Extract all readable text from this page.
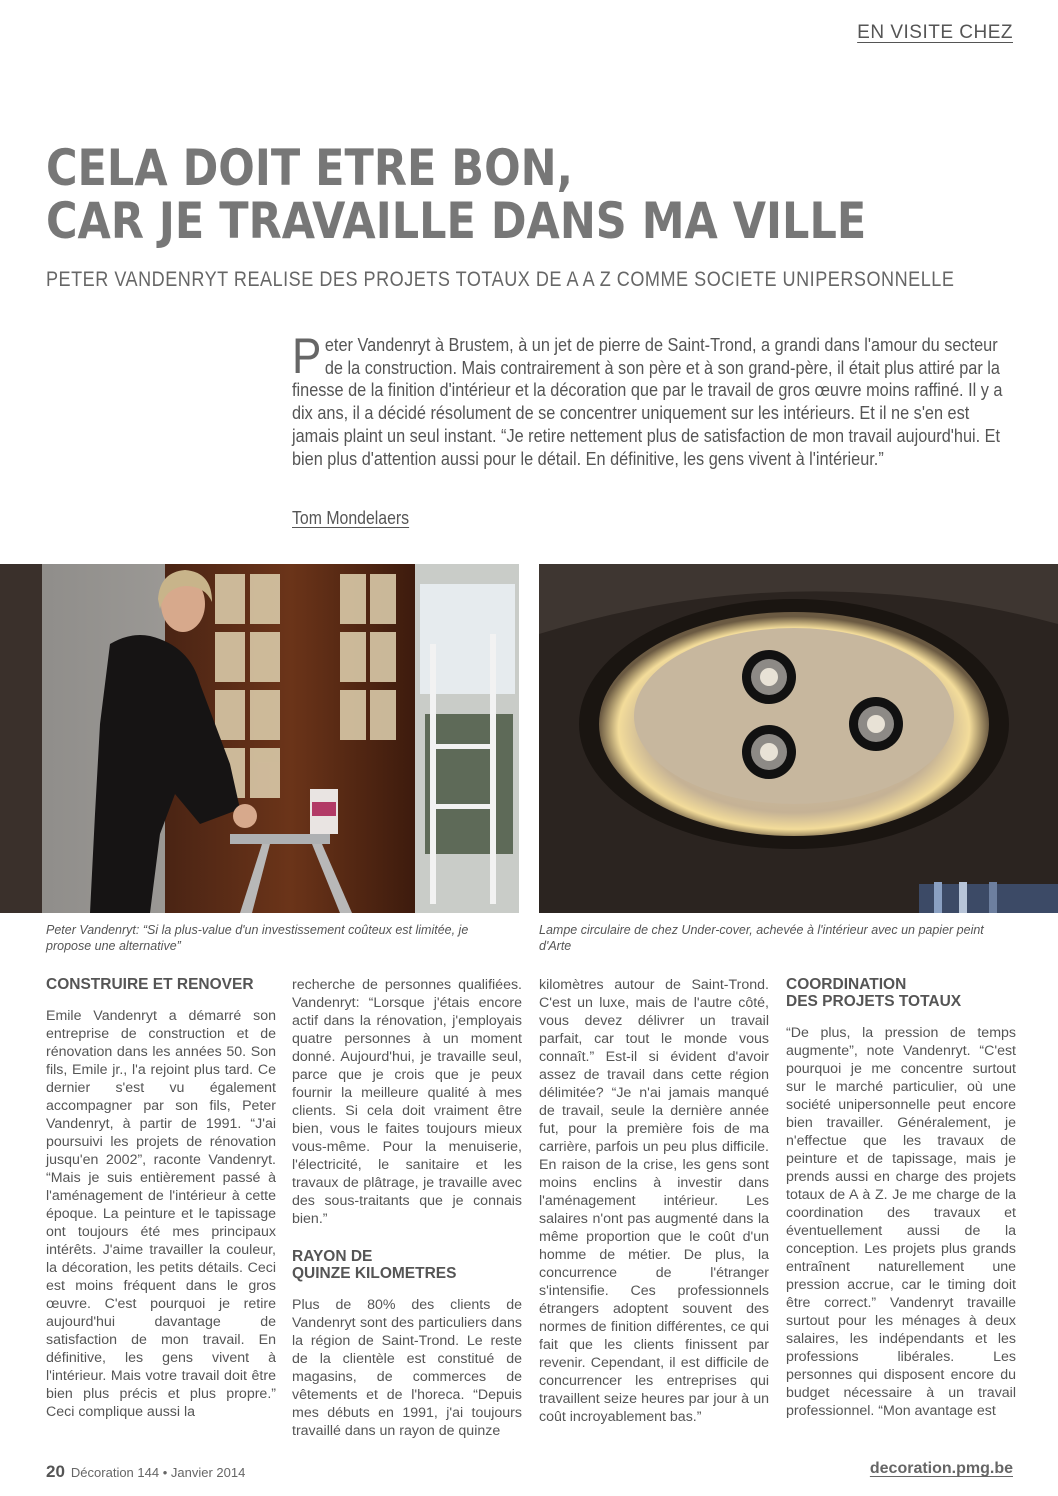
EN VISITE CHEZ
CELA DOIT ETRE BON,
CAR JE TRAVAILLE DANS MA VILLE
PETER VANDENRYT REALISE DES PROJETS TOTAUX DE A A Z COMME SOCIETE UNIPERSONNELLE
Peter Vandenryt à Brustem, à un jet de pierre de Saint-Trond, a grandi dans l'amour du secteur de la construction. Mais contrairement à son père et à son grand-père, il était plus attiré par la finesse de la finition d'intérieur et la décoration que par le travail de gros œuvre moins raffiné. Il y a dix ans, il a décidé résolument de se concentrer uniquement sur les intérieurs. Et il ne s'en est jamais plaint un seul instant. “Je retire nettement plus de satisfaction de mon travail aujourd'hui. Et bien plus d'attention aussi pour le détail. En définitive, les gens vivent à l'intérieur.”
Tom Mondelaers
Peter Vandenryt: “Si la plus-value d'un investissement coûteux est limitée, je propose une alternative”
Lampe circulaire de chez Under-cover, achevée à l'intérieur avec un papier peint d'Arte
CONSTRUIRE ET RENOVER

Emile Vandenryt a démarré son entreprise de construction et de rénovation dans les années 50. Son fils, Emile jr., l'a rejoint plus tard. Ce dernier s'est vu également accompagner par son fils, Peter Vandenryt, à partir de 1991. “J'ai poursuivi les projets de rénovation jusqu'en 2002”, raconte Vandenryt. “Mais je suis entièrement passé à l'aménagement de l'intérieur à cette époque. La peinture et le tapissage ont toujours été mes principaux intérêts. J'aime travailler la couleur, la décoration, les petits détails. Ceci est moins fréquent dans le gros œuvre. C'est pourquoi je retire aujourd'hui davantage de satisfaction de mon travail. En définitive, les gens vivent à l'intérieur. Mais votre travail doit être bien plus précis et plus propre.” Ceci complique aussi la

recherche de personnes qualifiées. Vandenryt: “Lorsque j'étais encore actif dans la rénovation, j'employais quatre personnes à un moment donné. Aujourd'hui, je travaille seul, parce que je crois que je peux fournir la meilleure qualité à mes clients. Si cela doit vraiment être bien, vous le faites toujours mieux vous-même. Pour la menuiserie, l'électricité, le sanitaire et les travaux de plâtrage, je travaille avec des sous-traitants que je connais bien.”

RAYON DE
QUINZE KILOMETRES

Plus de 80% des clients de Vandenryt sont des particuliers dans la région de Saint-Trond. Le reste de la clientèle est constitué de magasins, de commerces de vêtements et de l'horeca. “Depuis mes débuts en 1991, j'ai toujours travaillé dans un rayon de quinze

kilomètres autour de Saint-Trond. C'est un luxe, mais de l'autre côté, vous devez délivrer un travail parfait, car tout le monde vous connaît.” Est-il si évident d'avoir assez de travail dans cette région délimitée? “Je n'ai jamais manqué de travail, seule la dernière année fut, pour la première fois de ma carrière, parfois un peu plus difficile. En raison de la crise, les gens sont moins enclins à investir dans l'aménagement intérieur. Les salaires n'ont pas augmenté dans la même proportion que le coût d'un homme de métier. De plus, la concurrence de l'étranger s'intensifie. Ces professionnels étrangers adoptent souvent des normes de finition différentes, ce qui fait que les clients finissent par revenir. Cependant, il est difficile de concurrencer les entreprises qui travaillent seize heures par jour à un coût incroyablement bas.”

COORDINATION
DES PROJETS TOTAUX

“De plus, la pression de temps augmente”, note Vandenryt. “C'est pourquoi je me concentre surtout sur le marché particulier, où une société unipersonnelle peut encore bien travailler. Généralement, je n'effectue que les travaux de peinture et de tapissage, mais je prends aussi en charge des projets totaux de A à Z. Je me charge de la coordination des travaux et éventuellement aussi de la conception. Les projets plus grands entraînent naturellement une pression accrue, car le timing doit être correct.” Vandenryt travaille surtout pour les ménages à deux salaires, les indépendants et les professions libérales. Les personnes qui disposent encore du budget nécessaire à un travail professionnel. “Mon avantage est

20 Décoration 144 • Janvier 2014	decoration.pmg.be
